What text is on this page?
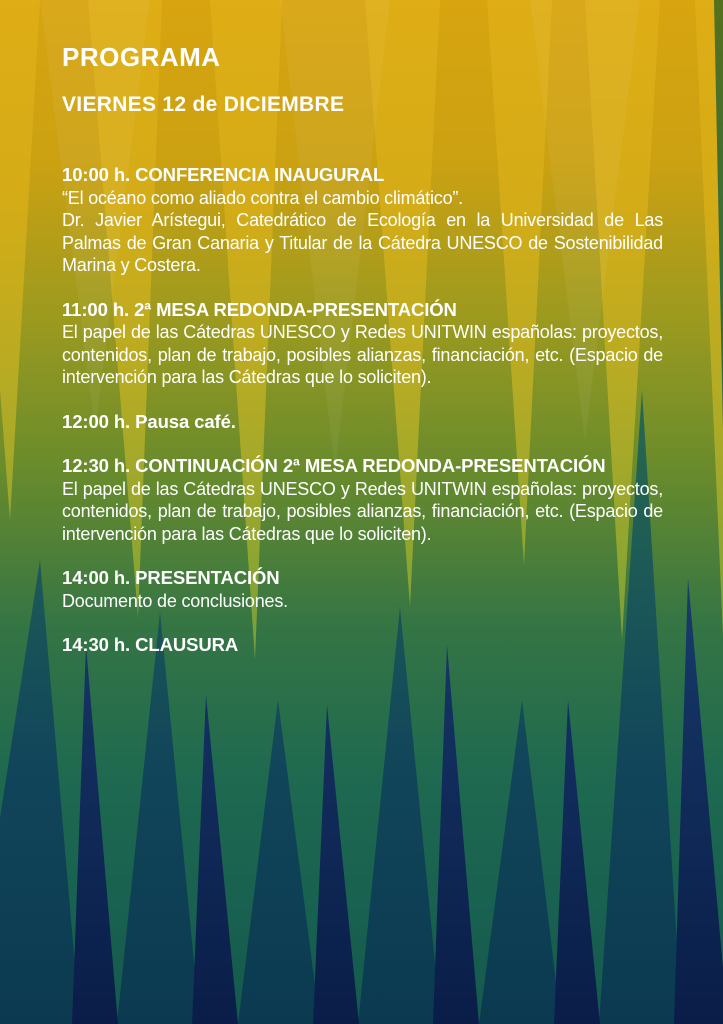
PROGRAMA
VIERNES 12 de DICIEMBRE
10:00 h. CONFERENCIA INAUGURAL

“El océano como aliado contra el cambio climático”.

Dr. Javier Arístegui, Catedrático de Ecología en la Universidad de Las Palmas de Gran Canaria y Titular de la Cátedra UNESCO de Sostenibilidad Marina y Costera.

11:00 h. 2ª MESA REDONDA-PRESENTACIÓN

El papel de las Cátedras UNESCO y Redes UNITWIN españolas: proyectos, contenidos, plan de trabajo, posibles alianzas, financiación, etc. (Espacio de intervención para las Cátedras que lo soliciten).

12:00 h. Pausa café.
12:30 h. CONTINUACIÓN 2ª MESA REDONDA-PRESENTACIÓN

El papel de las Cátedras UNESCO y Redes UNITWIN españolas: proyectos, contenidos, plan de trabajo, posibles alianzas, financiación, etc. (Espacio de intervención para las Cátedras que lo soliciten).

14:00 h. PRESENTACIÓN

Documento de conclusiones.

14:30 h. CLAUSURA
